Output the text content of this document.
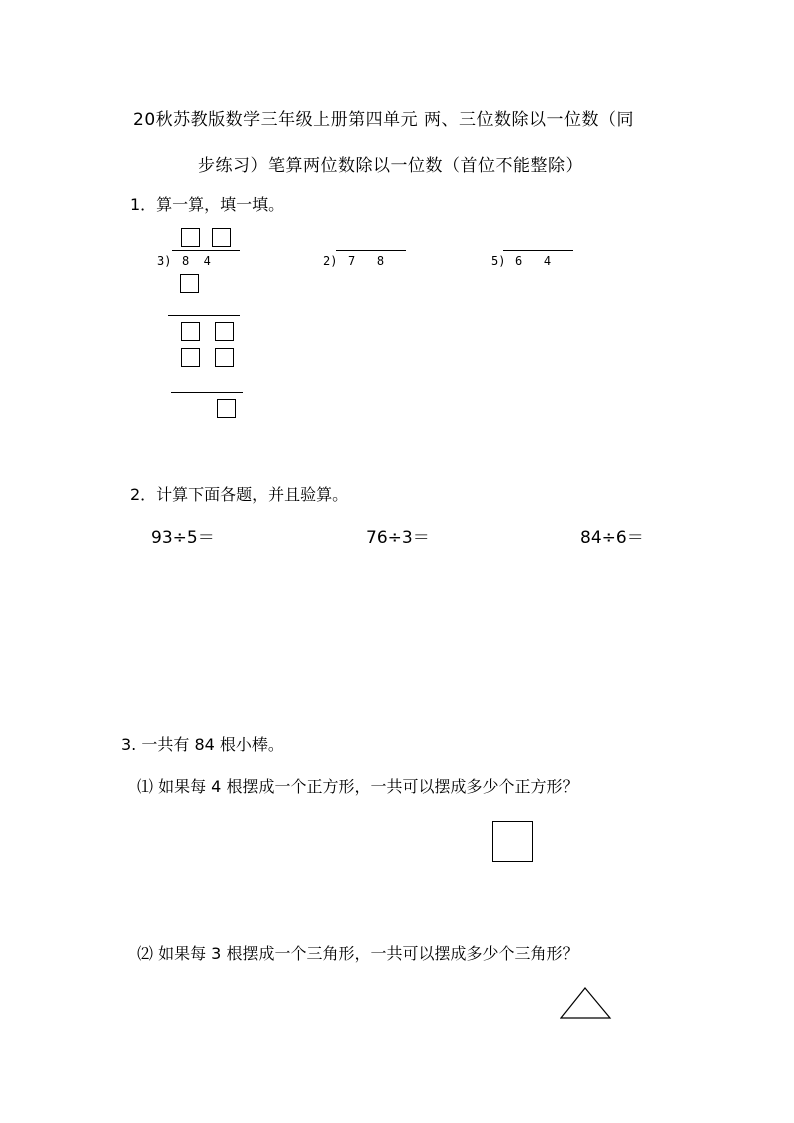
20秋苏教版数学三年级上册第四单元 两、三位数除以一位数（同
步练习）笔算两位数除以一位数（首位不能整除）
1．算一算，填一填。
3) 8  4	2) 7   8	5) 6   4
2．计算下面各题，并且验算。
93÷5＝	76÷3＝	84÷6＝
3. 一共有 84 根小棒。
⑴ 如果每 4 根摆成一个正方形，一共可以摆成多少个正方形？
⑵ 如果每 3 根摆成一个三角形，一共可以摆成多少个三角形？
